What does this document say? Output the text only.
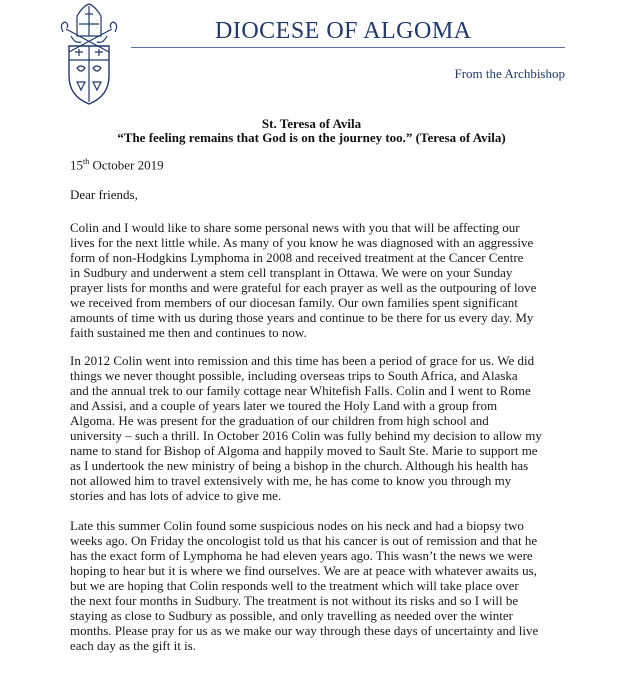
DIOCESE OF ALGOMA
From the Archbishop
St. Teresa of Avila
“The feeling remains that God is on the journey too.” (Teresa of Avila)
15th October 2019
Dear friends,

Colin and I would like to share some personal news with you that will be affecting our
lives for the next little while. As many of you know he was diagnosed with an aggressive
form of non-Hodgkins Lymphoma in 2008 and received treatment at the Cancer Centre
in Sudbury and underwent a stem cell transplant in Ottawa. We were on your Sunday
prayer lists for months and were grateful for each prayer as well as the outpouring of love
we received from members of our diocesan family. Our own families spent significant
amounts of time with us during those years and continue to be there for us every day. My
faith sustained me then and continues to now.

In 2012 Colin went into remission and this time has been a period of grace for us. We did
things we never thought possible, including overseas trips to South Africa, and Alaska
and the annual trek to our family cottage near Whitefish Falls. Colin and I went to Rome
and Assisi, and a couple of years later we toured the Holy Land with a group from
Algoma. He was present for the graduation of our children from high school and
university – such a thrill. In October 2016 Colin was fully behind my decision to allow my
name to stand for Bishop of Algoma and happily moved to Sault Ste. Marie to support me
as I undertook the new ministry of being a bishop in the church. Although his health has
not allowed him to travel extensively with me, he has come to know you through my
stories and has lots of advice to give me.

Late this summer Colin found some suspicious nodes on his neck and had a biopsy two
weeks ago. On Friday the oncologist told us that his cancer is out of remission and that he
has the exact form of Lymphoma he had eleven years ago. This wasn’t the news we were
hoping to hear but it is where we find ourselves. We are at peace with whatever awaits us,
but we are hoping that Colin responds well to the treatment which will take place over
the next four months in Sudbury. The treatment is not without its risks and so I will be
staying as close to Sudbury as possible, and only travelling as needed over the winter
months. Please pray for us as we make our way through these days of uncertainty and live
each day as the gift it is.
